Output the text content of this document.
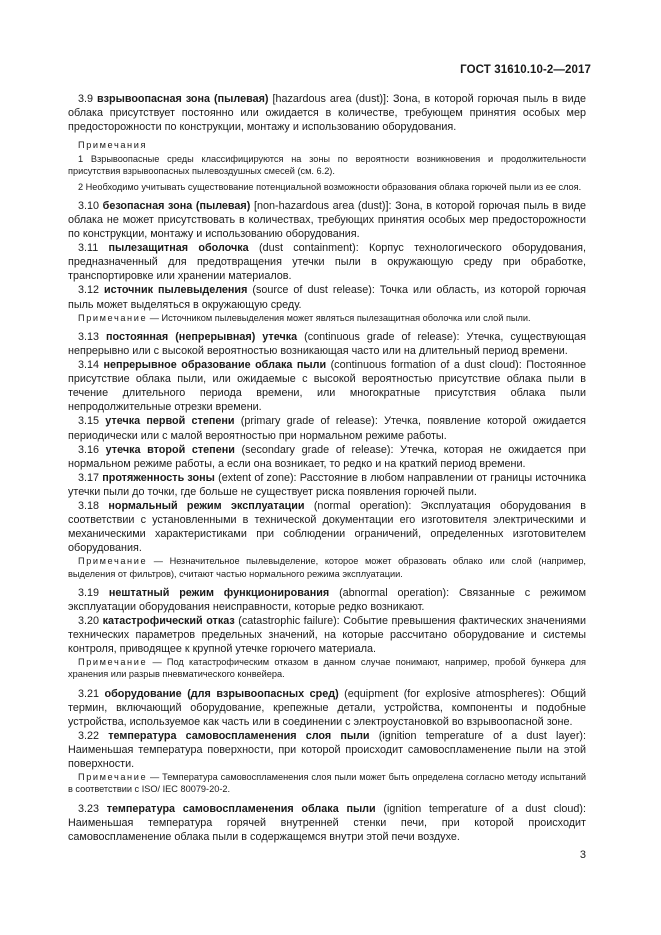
ГОСТ 31610.10-2—2017

3.9 взрывоопасная зона (пылевая) [hazardous area (dust)]: Зона, в которой горючая пыль в виде облака присутствует постоянно или ожидается в количестве, требующем принятия особых мер предосторожности по конструкции, монтажу и использованию оборудования.

Примечания

1 Взрывоопасные среды классифицируются на зоны по вероятности возникновения и продолжительности присутствия взрывоопасных пылевоздушных смесей (см. 6.2).

2 Необходимо учитывать существование потенциальной возможности образования облака горючей пыли из ее слоя.

3.10 безопасная зона (пылевая) [non-hazardous area (dust)]: Зона, в которой горючая пыль в виде облака не может присутствовать в количествах, требующих принятия особых мер предосторожности по конструкции, монтажу и использованию оборудования.

3.11 пылезащитная оболочка (dust containment): Корпус технологического оборудования, предназначенный для предотвращения утечки пыли в окружающую среду при обработке, транспортировке или хранении материалов.

3.12 источник пылевыделения (source of dust release): Точка или область, из которой горючая пыль может выделяться в окружающую среду.

Примечание — Источником пылевыделения может являться пылезащитная оболочка или слой пыли.

3.13 постоянная (непрерывная) утечка (continuous grade of release): Утечка, существующая непрерывно или с высокой вероятностью возникающая часто или на длительный период времени.

3.14 непрерывное образование облака пыли (continuous formation of a dust cloud): Постоянное присутствие облака пыли, или ожидаемые с высокой вероятностью присутствие облака пыли в течение длительного периода времени, или многократные присутствия облака пыли непродолжительные отрезки времени.

3.15 утечка первой степени (primary grade of release): Утечка, появление которой ожидается периодически или с малой вероятностью при нормальном режиме работы.

3.16 утечка второй степени (secondary grade of release): Утечка, которая не ожидается при нормальном режиме работы, а если она возникает, то редко и на краткий период времени.

3.17 протяженность зоны (extent of zone): Расстояние в любом направлении от границы источника утечки пыли до точки, где больше не существует риска появления горючей пыли.

3.18 нормальный режим эксплуатации (normal operation): Эксплуатация оборудования в соответствии с установленными в технической документации его изготовителя электрическими и механическими характеристиками при соблюдении ограничений, определенных изготовителем оборудования.

Примечание — Незначительное пылевыделение, которое может образовать облако или слой (например, выделения от фильтров), считают частью нормального режима эксплуатации.

3.19 нештатный режим функционирования (abnormal operation): Связанные с режимом эксплуатации оборудования неисправности, которые редко возникают.

3.20 катастрофический отказ (catastrophic failure): Событие превышения фактических значениями технических параметров предельных значений, на которые рассчитано оборудование и системы контроля, приводящее к крупной утечке горючего материала.

Примечание — Под катастрофическим отказом в данном случае понимают, например, пробой бункера для хранения или разрыв пневматического конвейера.

3.21 оборудование (для взрывоопасных сред) (equipment (for explosive atmospheres): Общий термин, включающий оборудование, крепежные детали, устройства, компоненты и подобные устройства, используемое как часть или в соединении с электроустановкой во взрывоопасной зоне.

3.22 температура самовоспламенения слоя пыли (ignition temperature of a dust layer): Наименьшая температура поверхности, при которой происходит самовоспламенение пыли на этой поверхности.

Примечание — Температура самовоспламенения слоя пыли может быть определена согласно методу испытаний в соответствии с ISO/ IEC 80079-20-2.

3.23 температура самовоспламенения облака пыли (ignition temperature of a dust cloud): Наименьшая температура горячей внутренней стенки печи, при которой происходит самовоспламенение облака пыли в содержащемся внутри этой печи воздухе.

3
